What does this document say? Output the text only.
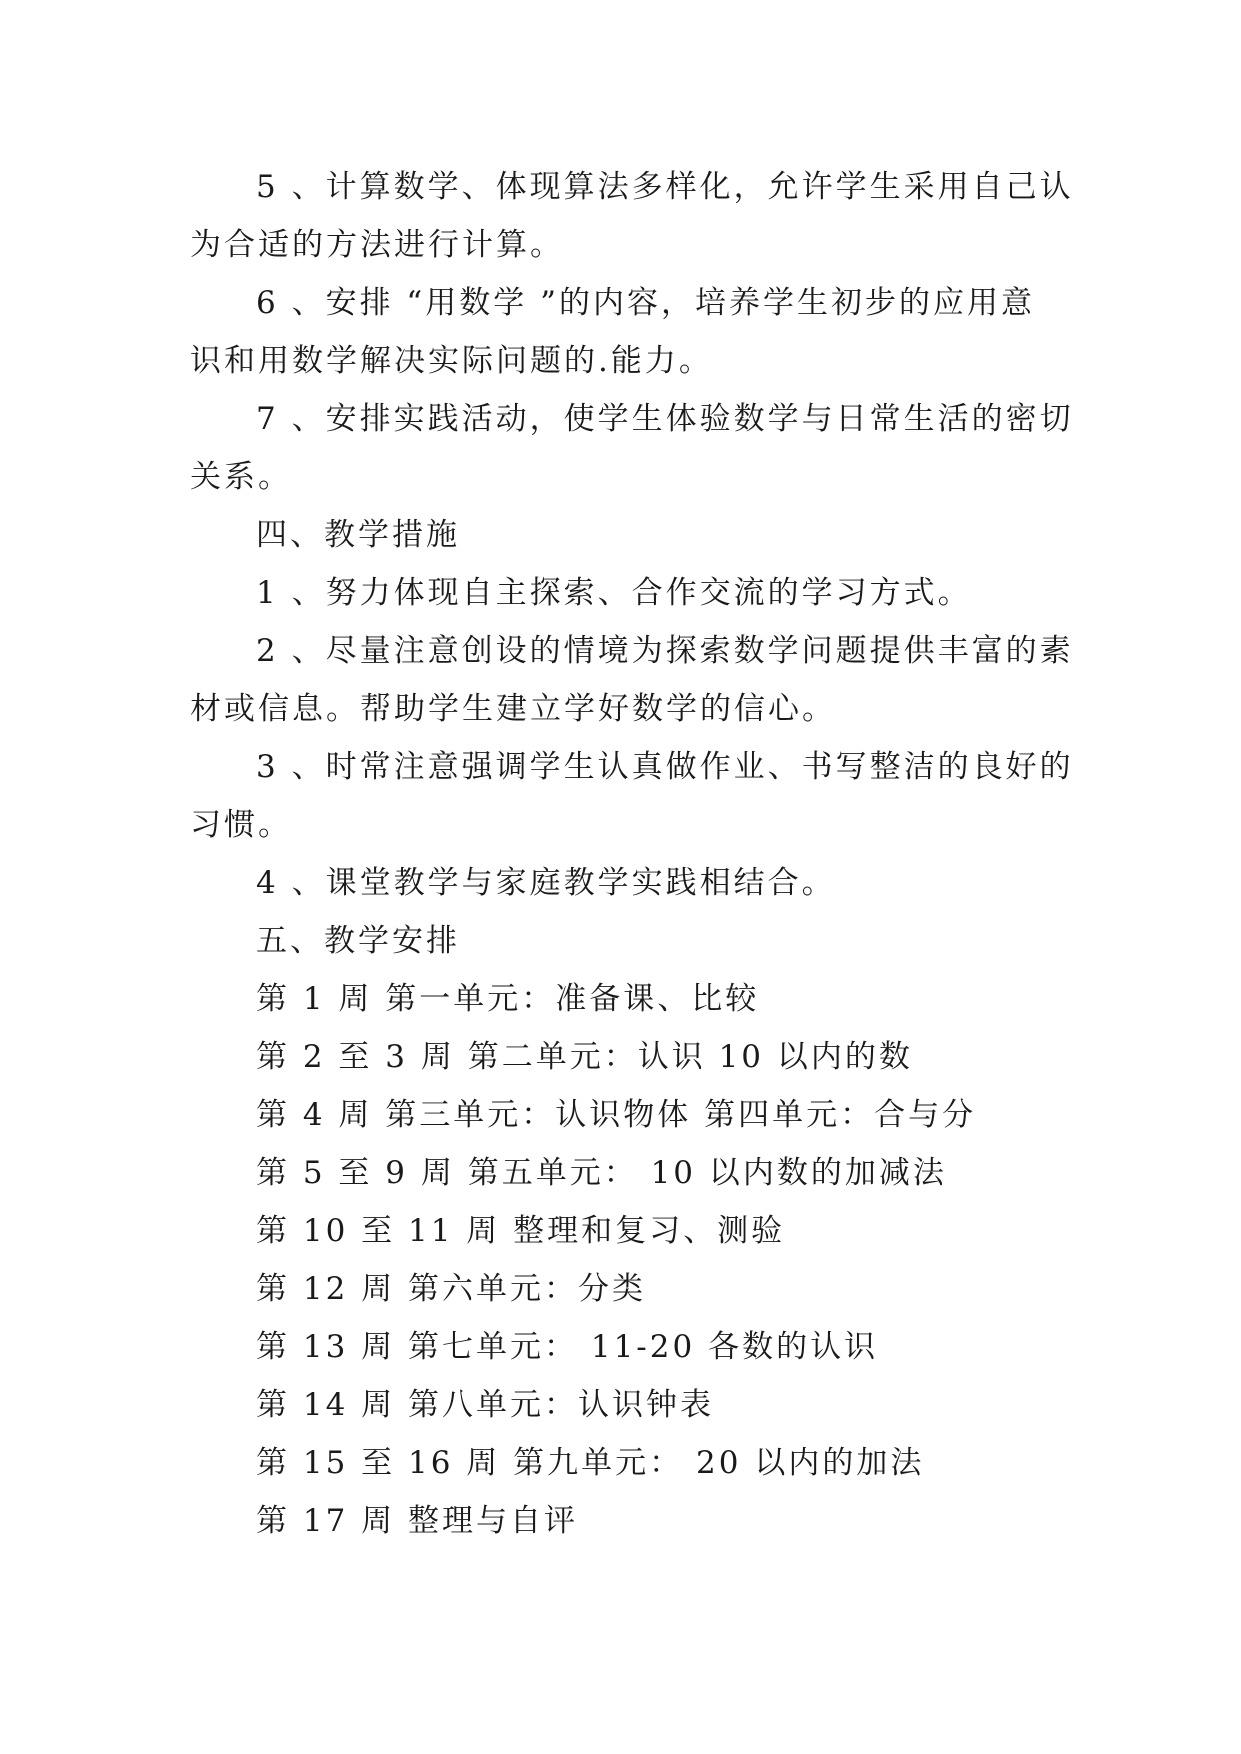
5 、计算数学、体现算法多样化，允许学生采用自己认
为合适的方法进行计算。
6 、安排 “用数学 ”的内容，培养学生初步的应用意
识和用数学解决实际问题的.能力。
7 、安排实践活动，使学生体验数学与日常生活的密切
关系。
四、教学措施
1 、努力体现自主探索、合作交流的学习方式。
2 、尽量注意创设的情境为探索数学问题提供丰富的素
材或信息。帮助学生建立学好数学的信心。
3 、时常注意强调学生认真做作业、书写整洁的良好的
习惯。
4 、课堂教学与家庭教学实践相结合。
五、教学安排
第 1 周 第一单元：准备课、比较
第 2 至 3 周 第二单元：认识 10 以内的数
第 4 周 第三单元：认识物体 第四单元：合与分
第 5 至 9 周 第五单元： 10 以内数的加减法
第 10 至 11 周 整理和复习、测验
第 12 周 第六单元：分类
第 13 周 第七单元： 11-20 各数的认识
第 14 周 第八单元：认识钟表
第 15 至 16 周 第九单元： 20 以内的加法
第 17 周 整理与自评
